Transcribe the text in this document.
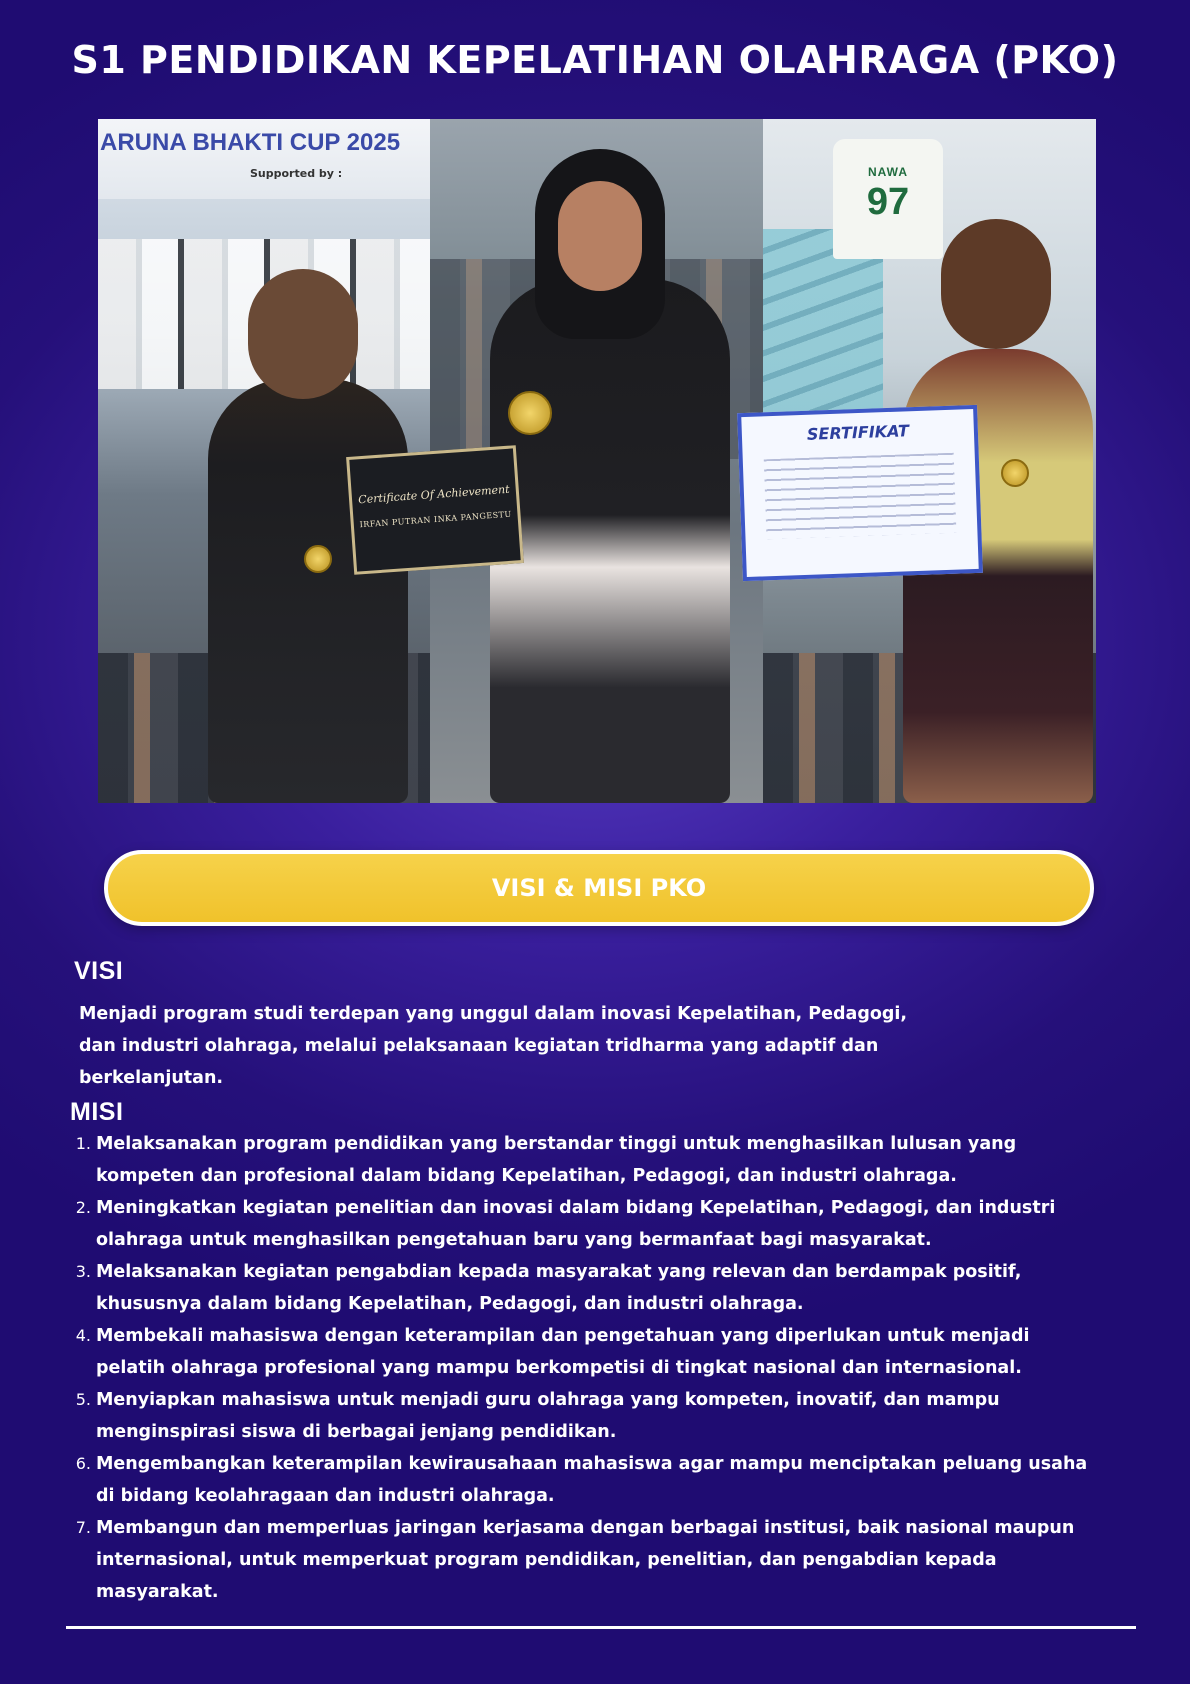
S1 PENDIDIKAN KEPELATIHAN OLAHRAGA (PKO)
ARUNA BHAKTI CUP 2025
Supported by :	NAWA
97
Certificate Of Achievement
IRFAN PUTRAN INKA PANGESTU
SERTIFIKAT
VISI & MISI PKO
VISI
Menjadi program studi terdepan yang unggul dalam inovasi Kepelatihan, Pedagogi,
dan industri olahraga, melalui pelaksanaan kegiatan tridharma yang adaptif dan
berkelanjutan.
MISI
1. Melaksanakan program pendidikan yang berstandar tinggi untuk menghasilkan lulusan yang
kompeten dan profesional dalam bidang Kepelatihan, Pedagogi, dan industri olahraga.
2. Meningkatkan kegiatan penelitian dan inovasi dalam bidang Kepelatihan, Pedagogi, dan industri
olahraga untuk menghasilkan pengetahuan baru yang bermanfaat bagi masyarakat.
3. Melaksanakan kegiatan pengabdian kepada masyarakat yang relevan dan berdampak positif,
khususnya dalam bidang Kepelatihan, Pedagogi, dan industri olahraga.
4. Membekali mahasiswa dengan keterampilan dan pengetahuan yang diperlukan untuk menjadi
pelatih olahraga profesional yang mampu berkompetisi di tingkat nasional dan internasional.
5. Menyiapkan mahasiswa untuk menjadi guru olahraga yang kompeten, inovatif, dan mampu
menginspirasi siswa di berbagai jenjang pendidikan.
6. Mengembangkan keterampilan kewirausahaan mahasiswa agar mampu menciptakan peluang usaha
di bidang keolahragaan dan industri olahraga.
7. Membangun dan memperluas jaringan kerjasama dengan berbagai institusi, baik nasional maupun
internasional, untuk memperkuat program pendidikan, penelitian, dan pengabdian kepada
masyarakat.
